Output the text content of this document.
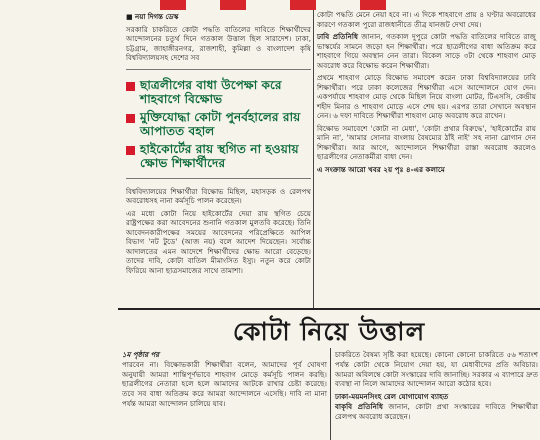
■ নয়া দিগন্ত ডেস্ক

সরকারি চাকরিতে কোটা পদ্ধতি বাতিলের দাবিতে শিক্ষার্থীদের আন্দোলনের চতুর্থ দিনে গতকাল উত্তাল ছিল সারাদেশ। ঢাকা, চট্টগ্রাম, জাহাঙ্গীরনগর, রাজশাহী, কুমিল্লা ও বাংলাদেশ কৃষি বিশ্ববিদ্যালয়সহ দেশের সব

ছাত্রলীগের বাধা উপেক্ষা করে শাহবাগে বিক্ষোভ
মুক্তিযোদ্ধা কোটা পুনর্বহালের রায় আপাতত বহাল
হাইকোর্টের রায় স্থগিত না হওয়ায় ক্ষোভ শিক্ষার্থীদের

বিশ্ববিদ্যালয়ের শিক্ষার্থীরা বিক্ষোভ মিছিল, মহাসড়ক ও রেলপথ অবরোধসহ নানা কর্মসূচি পালন করেছেন।

এর মধ্যে কোটা নিয়ে হাইকোর্টের দেয়া রায় স্থগিত চেয়ে রাষ্ট্রপক্ষের করা আবেদনের শুনানি গতকাল মুলতবি করেছে। তিনি আবেদনকারীপক্ষের সময়ের আবেদনের পরিপ্রেক্ষিতে আপিল বিভাগ 'নট টুডে' (আজ নয়) বলে আদেশ দিয়েছেন। সর্বোচ্চ আদালতের এমন আদেশে শিক্ষার্থীদের ক্ষোভ আরো বেড়েছে। তাদের দাবি, কোটা বাতিল মীমাংসিত ইস্যু। নতুন করে কোটা ফিরিয়ে আনা ছাত্রসমাজের সাথে তামাশা।

কোটা পদ্ধতি মেনে নেয়া হবে না। এ দিকে শাহবাগে প্রায় ৪ ঘণ্টার অবরোধের কারণে গতকাল পুরো রাজধানীতে তীব্র যানজট দেখা দেয়।

ঢাবি প্রতিনিধি জানান, গতকাল দুপুরে কোটা পদ্ধতি বাতিলের দাবিতে রাজু ভাস্কর্যের সামনে জড়ো হন শিক্ষার্থীরা। পরে ছাত্রলীগের বাধা অতিক্রম করে শাহবাগে গিয়ে অবস্থান নেন তারা। বিকেল সাড়ে ৩টা থেকে শাহবাগ মোড় অবরোধ করে বিক্ষোভ করেন শিক্ষার্থীরা।

প্রথমে শাহবাগ মোড়ে বিক্ষোভ সমাবেশ করেন ঢাকা বিশ্ববিদ্যালয়ের ঢাবি শিক্ষার্থীরা। পরে ঢাকা কলেজের শিক্ষার্থীরা এসে আন্দোলনে যোগ দেন। একপর্যায়ে শাহবাগ মোড় থেকে মিছিল নিয়ে বাংলা মোটর, টিএসসি, কেন্দ্রীয় শহীদ মিনার ও শাহবাগ মোড়ে এসে শেষ হয়। এরপর তারা সেখানে অবস্থান নেন। ৬ দফা দাবিতে শিক্ষার্থীরা শাহবাগ মোড় অবরোধ করে রাখেন।

বিক্ষোভ সমাবেশে 'কোটা না মেধা', 'কোটা প্রথার বিরুদ্ধে', 'হাইকোর্টের রায় মানি না', 'আমার সোনার বাংলায় বৈষম্যের ঠাঁই নাই' সহ নানা স্লোগান দেন শিক্ষার্থীরা। আর আগে, আন্দোলনে শিক্ষার্থীরা রাস্তা অবরোধ করলেও ছাত্রলীগের নেতাকর্মীরা বাধা দেন।

এ সংক্রান্ত আরো খবর ২য় পৃঃ ৪-এর কলামে

কোটা নিয়ে উত্তাল
১ম পৃষ্ঠার পর

পারবেন না। বিক্ষোভকারী শিক্ষার্থীরা বলেন, আমাদের পূর্ব ঘোষণা অনুযায়ী আমরা শান্তিপূর্ণভাবে শাহবাগ মোড়ে কর্মসূচি পালন করছি। ছাত্রলীগের নেতারা হলে হলে আমাদের আটকে রাখার চেষ্টা করেছে। তবে সব বাধা অতিক্রম করে আমরা আন্দোলনে এসেছি। দাবি না মানা পর্যন্ত আমরা আন্দোলন চালিয়ে যাব।

চাকরিতে বৈষম্য সৃষ্টি করা হয়েছে। কোনো কোনো চাকরিতে ৫৬ শতাংশ পর্যন্ত কোটা থেকে নিয়োগ দেয়া হয়, যা মেধাবীদের প্রতি অবিচার। আমরা অবিলম্বে কোটা সংস্কারের দাবি জানাচ্ছি। সরকার এ ব্যাপারে দ্রুত ব্যবস্থা না নিলে আমাদের আন্দোলন আরো কঠোর হবে।

ঢাকা-ময়মনসিংহ রেল যোগাযোগ ব্যাহত

বাকৃবি প্রতিনিধি জানান, কোটা প্রথা সংস্কারের দাবিতে শিক্ষার্থীরা রেলপথ অবরোধ করেছেন।
